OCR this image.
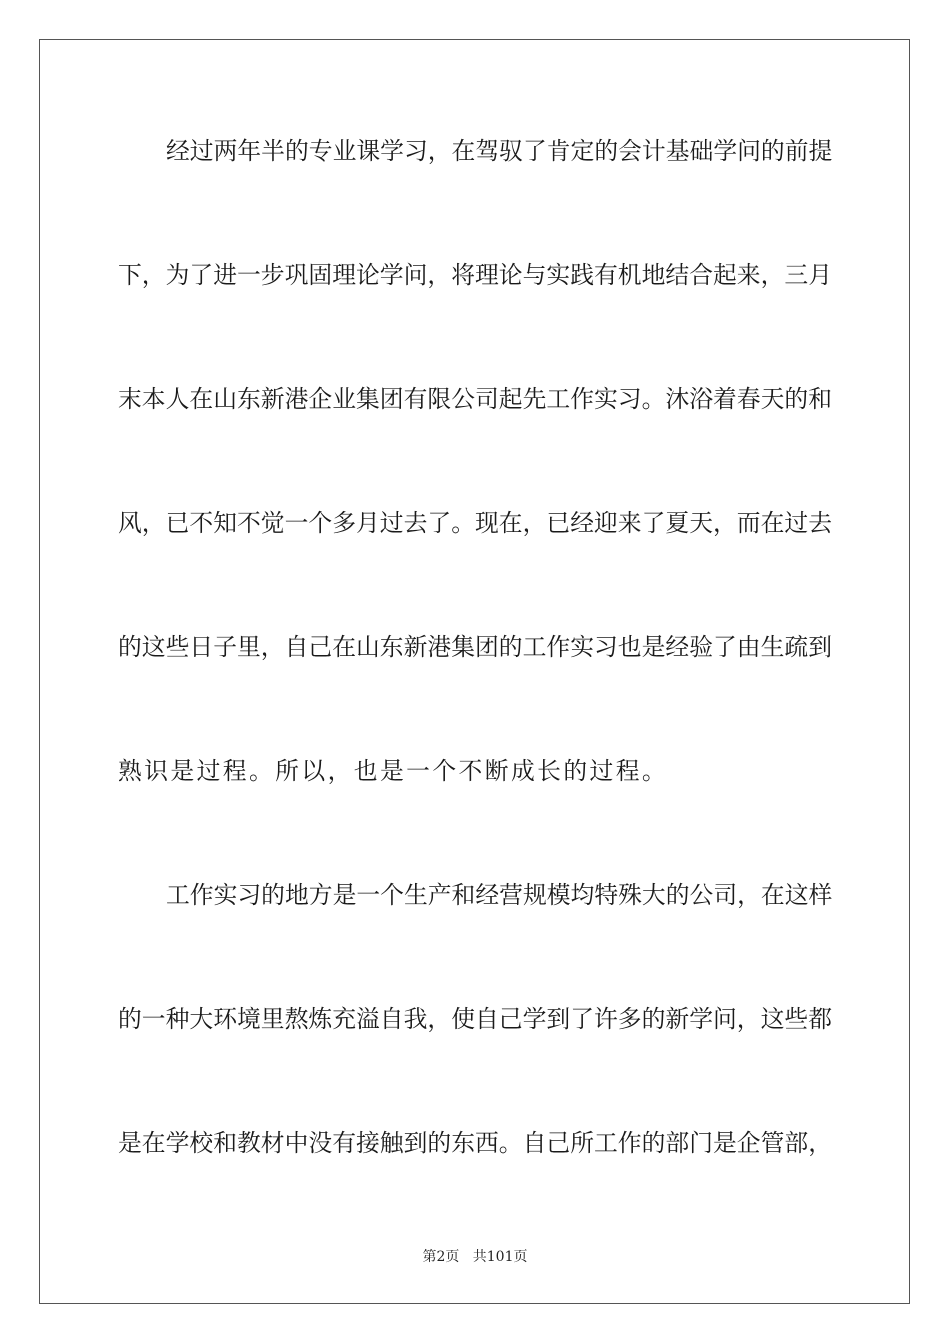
经过两年半的专业课学习，在驾驭了肯定的会计基础学问的前提
下，为了进一步巩固理论学问，将理论与实践有机地结合起来，三月
末本人在山东新港企业集团有限公司起先工作实习。沐浴着春天的和
风，已不知不觉一个多月过去了。现在，已经迎来了夏天，而在过去
的这些日子里，自己在山东新港集团的工作实习也是经验了由生疏到
熟识是过程。所以，也是一个不断成长的过程。
工作实习的地方是一个生产和经营规模均特殊大的公司，在这样
的一种大环境里熬炼充溢自我，使自己学到了许多的新学问，这些都
是在学校和教材中没有接触到的东西。自己所工作的部门是企管部，
第2页 共101页
